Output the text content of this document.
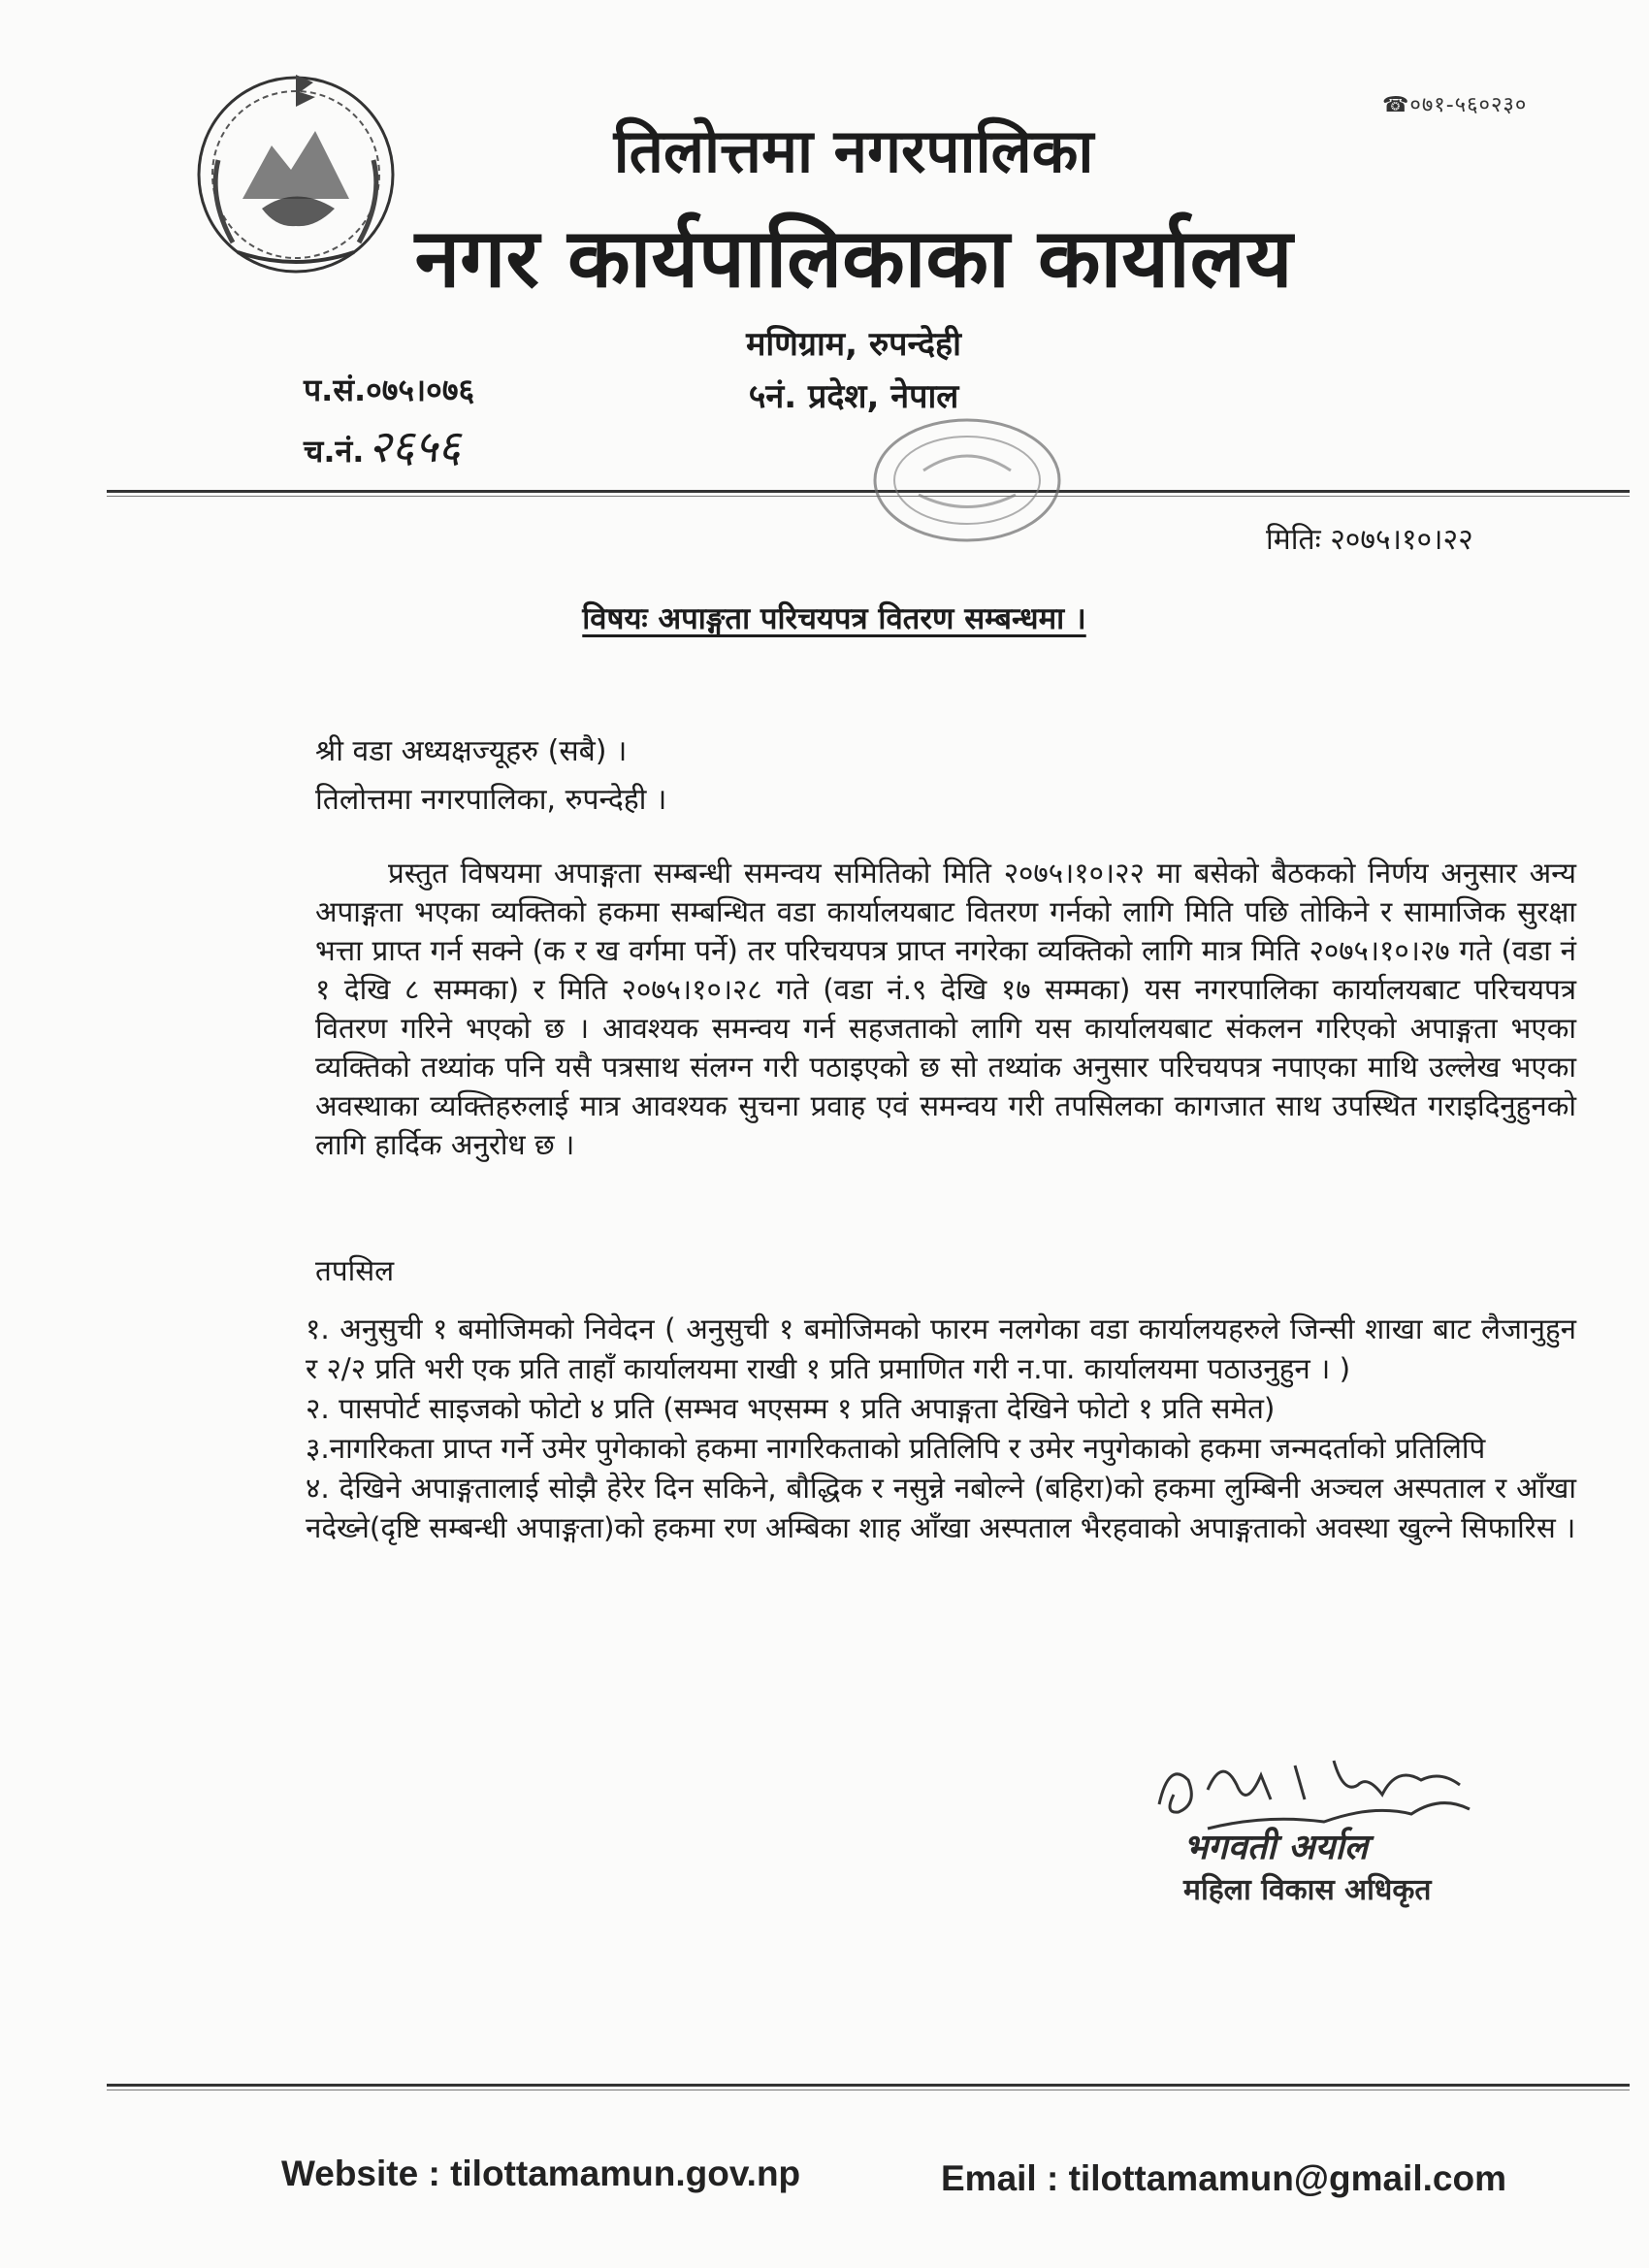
☎०७१-५६०२३०
तिलोत्तमा नगरपालिका
नगर कार्यपालिकाका कार्यालय
मणिग्राम, रुपन्देही
५नं. प्रदेश, नेपाल
प.सं.०७५।०७६
च.नं.२६५६
मितिः २०७५।१०।२२
विषयः अपाङ्गता परिचयपत्र वितरण सम्बन्धमा ।
श्री वडा अध्यक्षज्यूहरु (सबै) ।
तिलोत्तमा नगरपालिका, रुपन्देही ।

प्रस्तुत विषयमा अपाङ्गता सम्बन्धी समन्वय समितिको मिति २०७५।१०।२२ मा बसेको बैठकको निर्णय अनुसार अन्य अपाङ्गता भएका व्यक्तिको हकमा सम्बन्धित वडा कार्यालयबाट वितरण गर्नको लागि मिति पछि तोकिने र सामाजिक सुरक्षा भत्ता प्राप्त गर्न सक्ने (क र ख वर्गमा पर्ने) तर परिचयपत्र प्राप्त नगरेका व्यक्तिको लागि मात्र मिति २०७५।१०।२७ गते (वडा नं १ देखि ८ सम्मका) र मिति २०७५।१०।२८ गते (वडा नं.९ देखि १७ सम्मका) यस नगरपालिका कार्यालयबाट परिचयपत्र वितरण गरिने भएको छ । आवश्यक समन्वय गर्न सहजताको लागि यस कार्यालयबाट संकलन गरिएको अपाङ्गता भएका व्यक्तिको तथ्यांक पनि यसै पत्रसाथ संलग्न गरी पठाइएको छ सो तथ्यांक अनुसार परिचयपत्र नपाएका माथि उल्लेख भएका अवस्थाका व्यक्तिहरुलाई मात्र आवश्यक सुचना प्रवाह एवं समन्वय गरी तपसिलका कागजात साथ उपस्थित गराइदिनुहुनको लागि हार्दिक अनुरोध छ ।

तपसिल
१. अनुसुची १ बमोजिमको निवेदन ( अनुसुची १ बमोजिमको फारम नलगेका वडा कार्यालयहरुले जिन्सी शाखा बाट लैजानुहुन र २/२ प्रति भरी एक प्रति ताहाँ कार्यालयमा राखी १ प्रति प्रमाणित गरी न.पा. कार्यालयमा पठाउनुहुन । )
२. पासपोर्ट साइजको फोटो ४ प्रति (सम्भव भएसम्म १ प्रति अपाङ्गता देखिने फोटो १ प्रति समेत)
३.नागरिकता प्राप्त गर्ने उमेर पुगेकाको हकमा नागरिकताको प्रतिलिपि र उमेर नपुगेकाको हकमा जन्मदर्ताको प्रतिलिपि
४. देखिने अपाङ्गतालाई सोझै हेरेर दिन सकिने, बौद्धिक र नसुन्ने नबोल्ने (बहिरा)को हकमा लुम्बिनी अञ्चल अस्पताल र आँखा नदेख्ने(दृष्टि सम्बन्धी अपाङ्गता)को हकमा रण अम्बिका शाह आँखा अस्पताल भैरहवाको अपाङ्गताको अवस्था खुल्ने सिफारिस ।
भगवती अर्याल
महिला विकास अधिकृत
Website : tilottamamun.gov.np	Email : tilottamamun@gmail.com
